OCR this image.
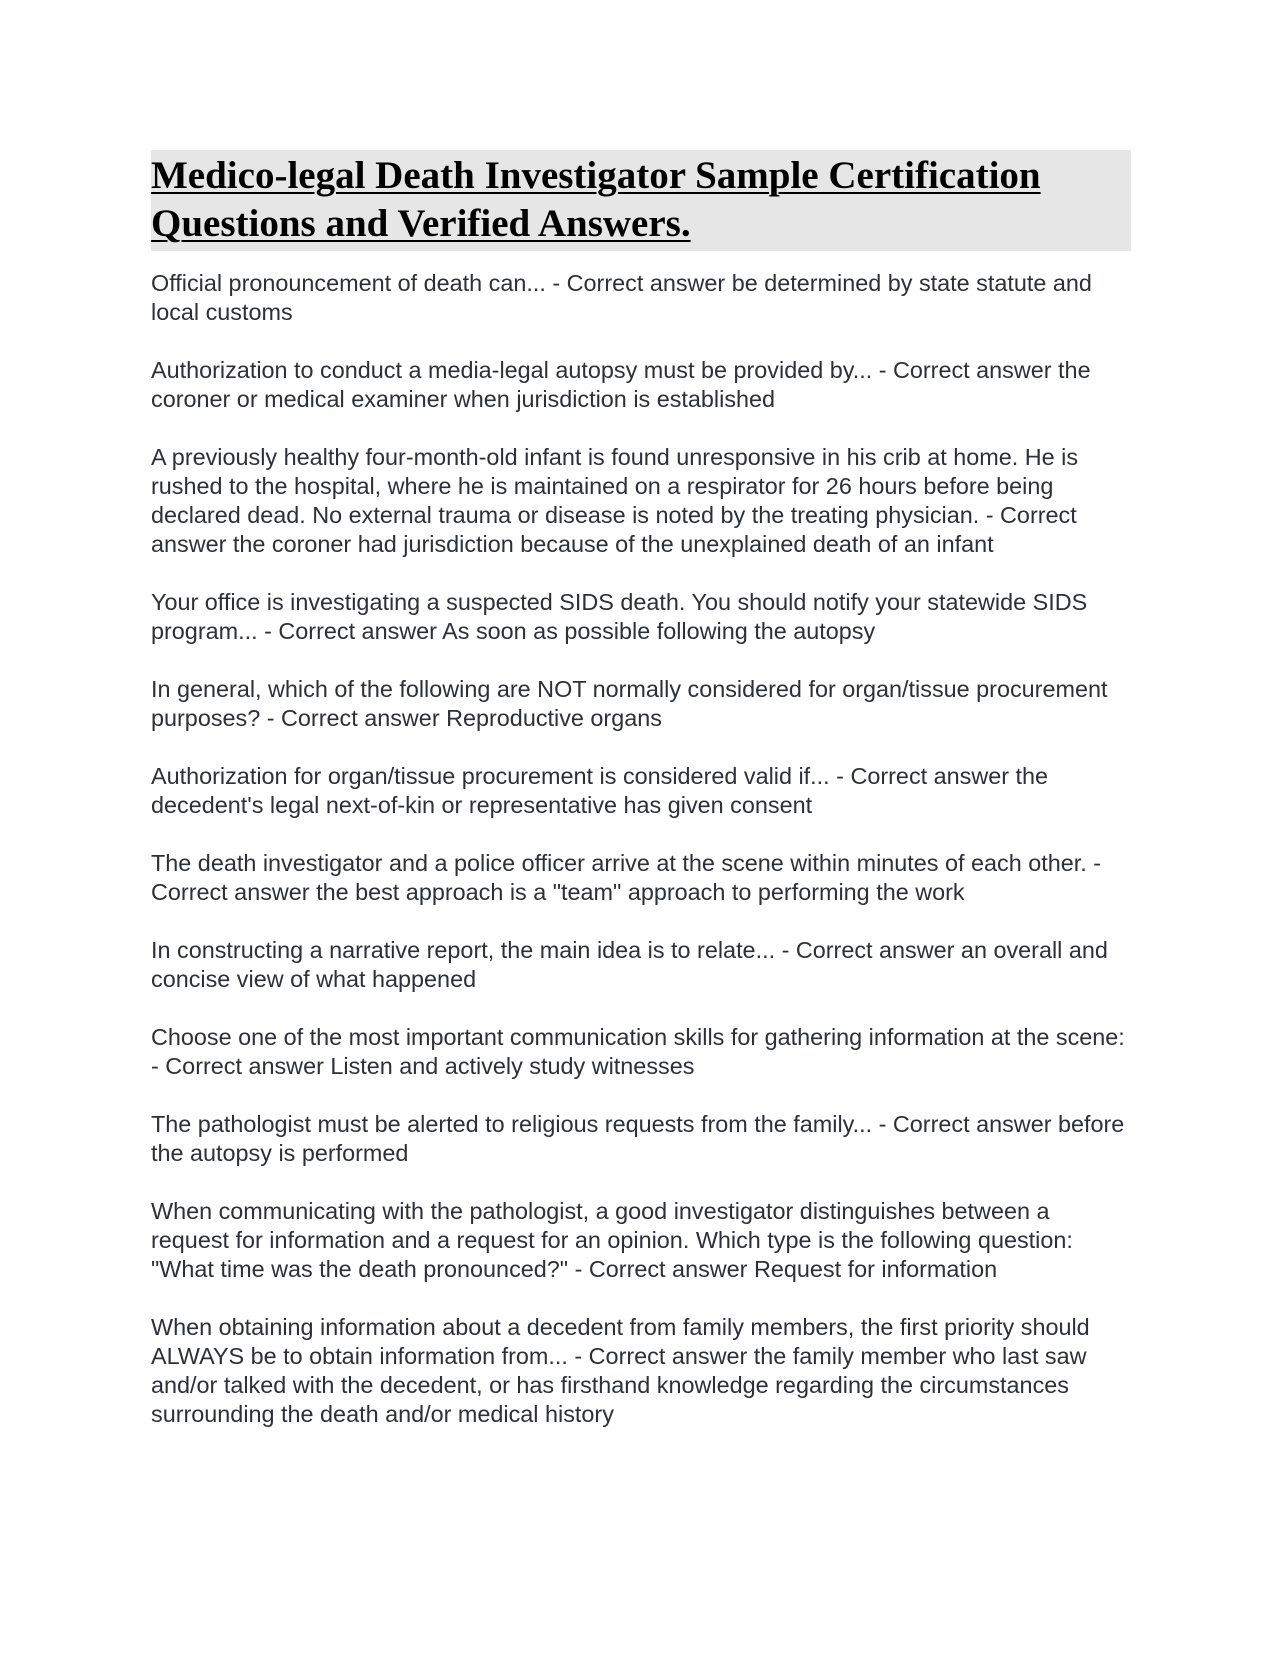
Medico-legal Death Investigator Sample Certification Questions and Verified Answers.

Official pronouncement of death can... - Correct answer be determined by state statute and local customs

Authorization to conduct a media-legal autopsy must be provided by... - Correct answer the coroner or medical examiner when jurisdiction is established

A previously healthy four-month-old infant is found unresponsive in his crib at home. He is rushed to the hospital, where he is maintained on a respirator for 26 hours before being declared dead. No external trauma or disease is noted by the treating physician. - Correct answer the coroner had jurisdiction because of the unexplained death of an infant

Your office is investigating a suspected SIDS death. You should notify your statewide SIDS program... - Correct answer As soon as possible following the autopsy

In general, which of the following are NOT normally considered for organ/tissue procurement purposes? - Correct answer Reproductive organs

Authorization for organ/tissue procurement is considered valid if... - Correct answer the decedent's legal next-of-kin or representative has given consent

The death investigator and a police officer arrive at the scene within minutes of each other. - Correct answer the best approach is a "team" approach to performing the work

In constructing a narrative report, the main idea is to relate... - Correct answer an overall and concise view of what happened

Choose one of the most important communication skills for gathering information at the scene: - Correct answer Listen and actively study witnesses

The pathologist must be alerted to religious requests from the family... - Correct answer before the autopsy is performed

When communicating with the pathologist, a good investigator distinguishes between a request for information and a request for an opinion. Which type is the following question: "What time was the death pronounced?" - Correct answer Request for information

When obtaining information about a decedent from family members, the first priority should ALWAYS be to obtain information from... - Correct answer the family member who last saw and/or talked with the decedent, or has firsthand knowledge regarding the circumstances surrounding the death and/or medical history
